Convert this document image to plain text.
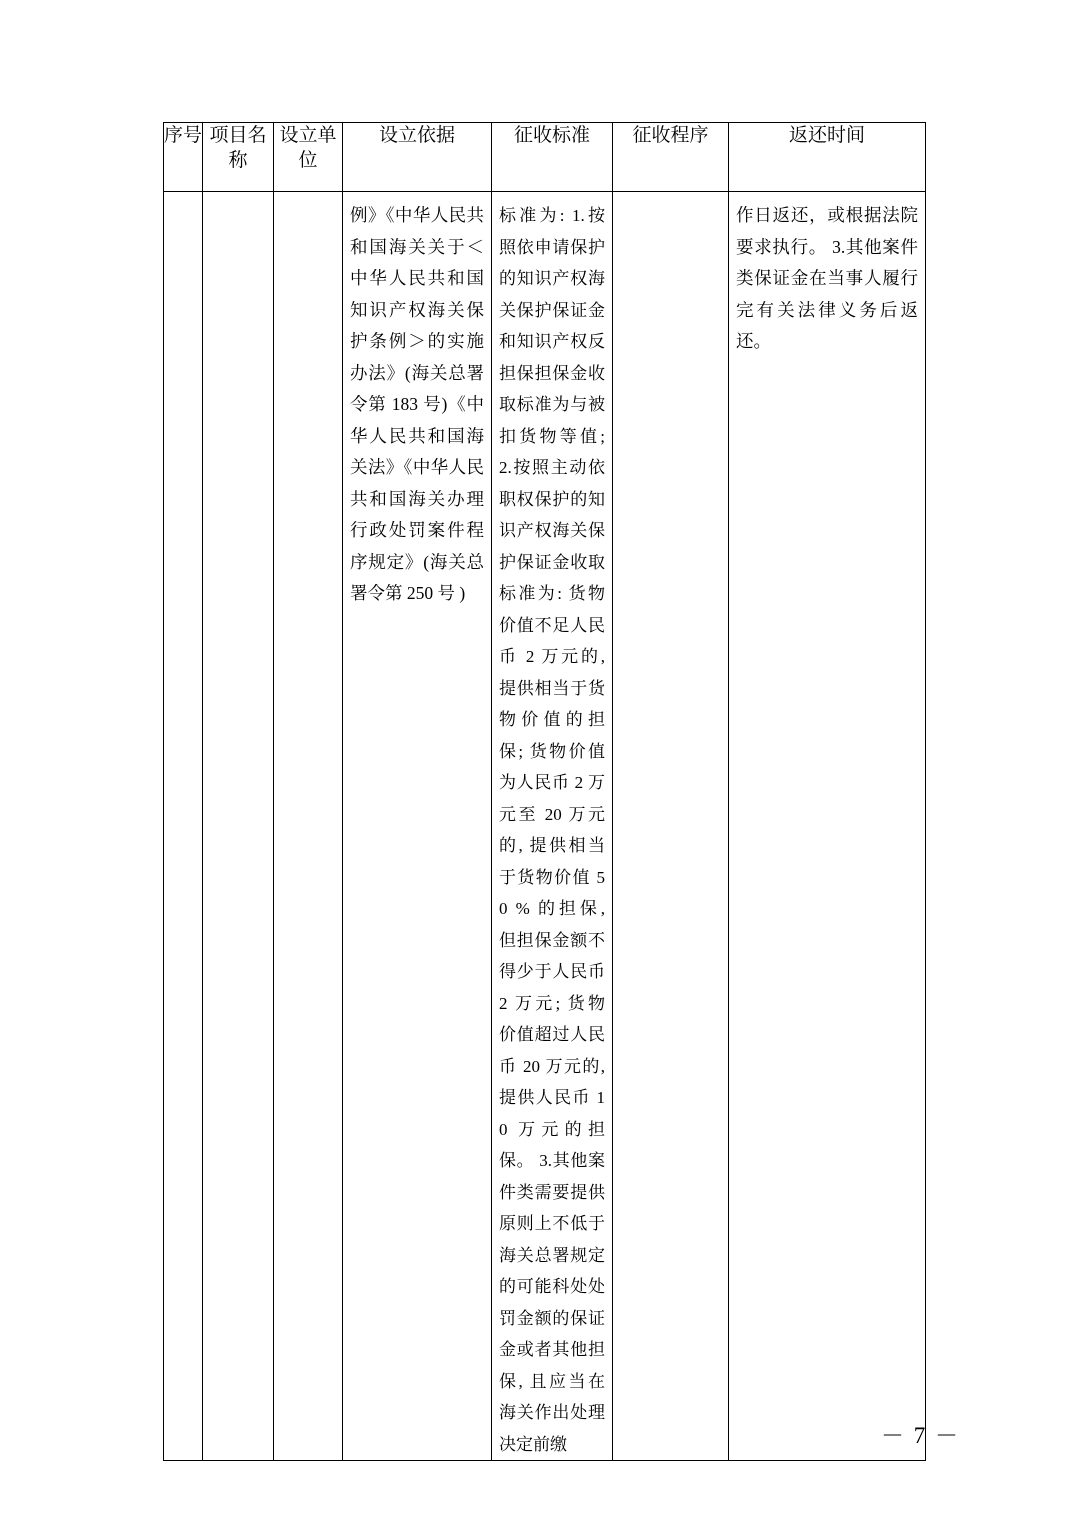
序号	项目名称	设立单位	设立依据	征收标准	征收程序	返还时间

			例》《中华人民共和国海关关于＜中华人民共和国知识产权海关保护条例＞的实施办法》(海关总署令第 183 号)《中华人民共和国海关法》《中华人民共和国海关办理行政处罚案件程序规定》(海关总署令第 250 号 )	标准为: 1.按照依申请保护的知识产权海关保护保证金和知识产权反担保担保金收取标准为与被扣货物等值; 2.按照主动依职权保护的知识产权海关保护保证金收取标准为: 货物价值不足人民币 2 万元的, 提供相当于货物价值的担保; 货物价值为人民币 2 万元至 20 万元的, 提供相当于货物价值 50 % 的担保, 但担保金额不得少于人民币 2 万元; 货物价值超过人民币 20 万元的, 提供人民币 10 万元的担保。 3.其他案件类需要提供原则上不低于海关总署规定的可能科处处罚金额的保证金或者其他担保, 且应当在海关作出处理决定前缴		作日返还，或根据法院要求执行。 3.其他案件类保证金在当事人履行完有关法律义务后返还。
－ 7 －
